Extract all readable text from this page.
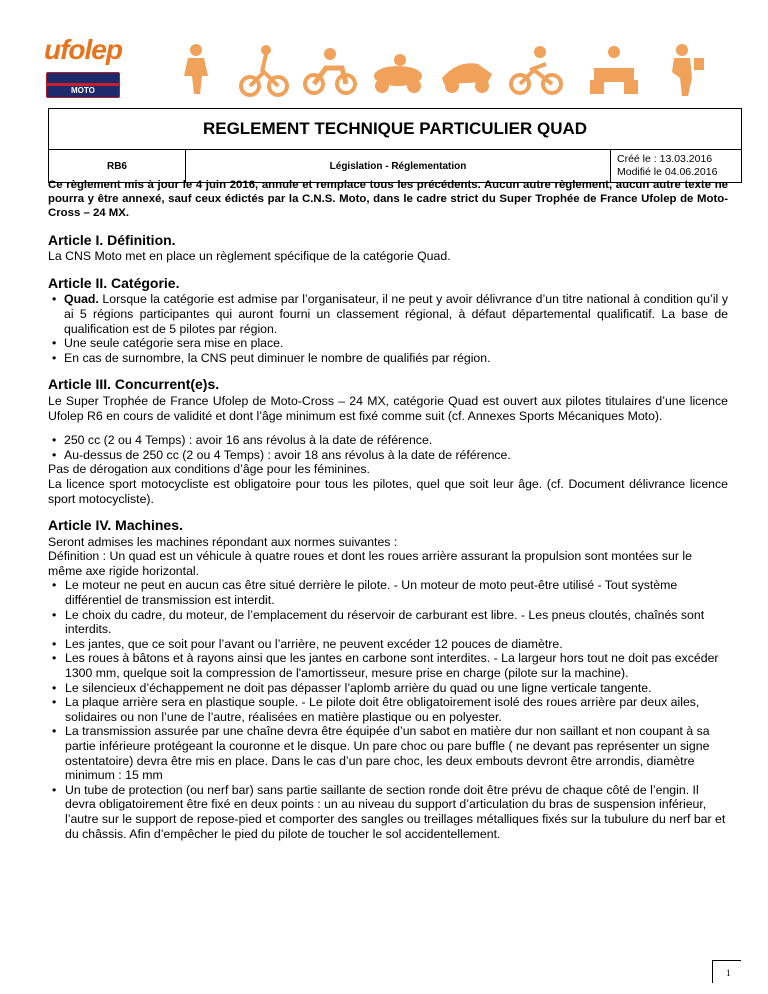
ufolep
MOTO
REGLEMENT TECHNIQUE PARTICULIER QUAD
RB6	Législation - Réglementation
Créé le : 13.03.2016
Modifié le 04.06.2016

Ce règlement mis à jour le 4 juin 2016, annule et remplace tous les précédents. Aucun autre règlement, aucun autre texte ne pourra y être annexé, sauf ceux édictés par la C.N.S. Moto, dans le cadre strict du Super Trophée de France Ufolep de Moto-Cross – 24 MX.

Article I. Définition.

La CNS Moto met en place un règlement spécifique de la catégorie Quad.

Article II. Catégorie.
• Quad. Lorsque la catégorie est admise par l’organisateur, il ne peut y avoir délivrance d’un titre national à condition qu’il y ai 5 régions participantes qui auront fourni un classement régional, à défaut départemental qualificatif. La base de qualification est de 5 pilotes par région.
• Une seule catégorie sera mise en place.
• En cas de surnombre, la CNS peut diminuer le nombre de qualifiés par région.
Article III. Concurrent(e)s.

Le Super Trophée de France Ufolep de Moto-Cross – 24 MX, catégorie Quad est ouvert aux pilotes titulaires d’une licence Ufolep R6 en cours de validité et dont l’âge minimum est fixé comme suit (cf. Annexes Sports Mécaniques Moto).

• 250 cc (2 ou 4 Temps) : avoir 16 ans révolus à la date de référence.
• Au-dessus de 250 cc (2 ou 4 Temps) : avoir 18 ans révolus à la date de référence.

Pas de dérogation aux conditions d’âge pour les féminines.

La licence sport motocycliste est obligatoire pour tous les pilotes, quel que soit leur âge. (cf. Document délivrance licence sport motocycliste).

Article IV. Machines.

Seront admises les machines répondant aux normes suivantes :

Définition : Un quad est un véhicule à quatre roues et dont les roues arrière assurant la propulsion sont montées sur le même axe rigide horizontal.

• Le moteur ne peut en aucun cas être situé derrière le pilote. - Un moteur de moto peut-être utilisé - Tout système différentiel de transmission est interdit.
• Le choix du cadre, du moteur, de l’emplacement du réservoir de carburant est libre. - Les pneus cloutés, chaînés sont interdits.
• Les jantes, que ce soit pour l’avant ou l’arrière, ne peuvent excéder 12 pouces de diamètre.
• Les roues à bâtons et à rayons ainsi que les jantes en carbone sont interdites. - La largeur hors tout ne doit pas excéder 1300 mm, quelque soit la compression de l'amortisseur, mesure prise en charge (pilote sur la machine).
• Le silencieux d’échappement ne doit pas dépasser l’aplomb arrière du quad ou une ligne verticale tangente.
• La plaque arrière sera en plastique souple. - Le pilote doit être obligatoirement isolé des roues arrière par deux ailes, solidaires ou non l’une de l’autre, réalisées en matière plastique ou en polyester.
• La transmission assurée par une chaîne devra être équipée d’un sabot en matière dur non saillant et non coupant à sa partie inférieure protégeant la couronne et le disque. Un pare choc ou pare buffle ( ne devant pas représenter un signe ostentatoire) devra être mis en place. Dans le cas d’un pare choc, les deux embouts devront être arrondis, diamètre minimum : 15 mm
• Un tube de protection (ou nerf bar) sans partie saillante de section ronde doit être prévu de chaque côté de l’engin. Il devra obligatoirement être fixé en deux points : un au niveau du support d’articulation du bras de suspension inférieur, l’autre sur le support de repose-pied et comporter des sangles ou treillages métalliques fixés sur la tubulure du nerf bar et du châssis. Afin d’empêcher le pied du pilote de toucher le sol accidentellement.
1
